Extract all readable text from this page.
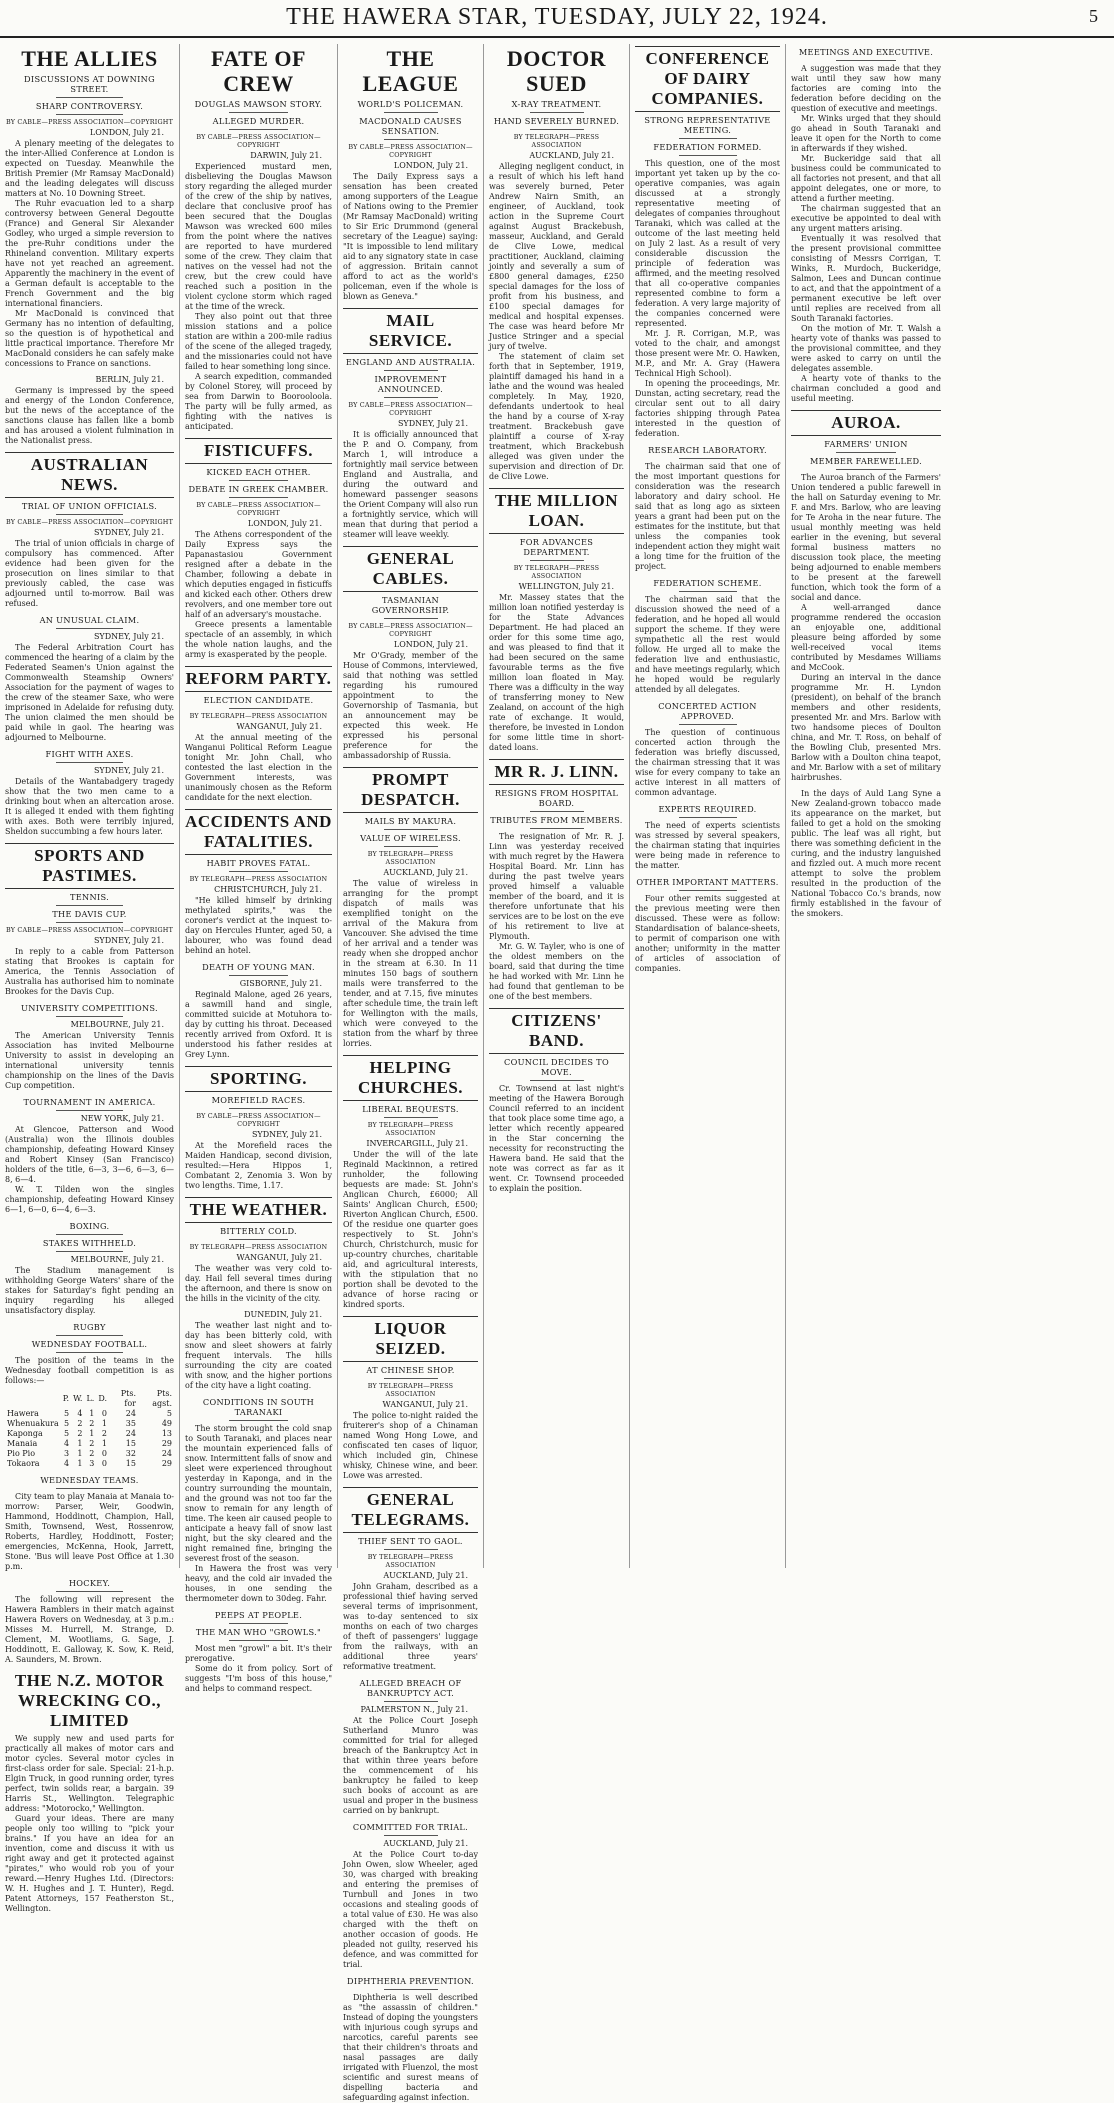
THE HAWERA STAR, TUESDAY, JULY 22, 1924.	5
THE ALLIES
DISCUSSIONS AT DOWNING STREET.
SHARP CONTROVERSY.
BY CABLE—PRESS ASSOCIATION—COPYRIGHT
LONDON, July 21.

A plenary meeting of the delegates to the inter-Allied Conference at London is expected on Tuesday. Meanwhile the British Premier (Mr Ramsay MacDonald) and the leading delegates will discuss matters at No. 10 Downing Street.

The Ruhr evacuation led to a sharp controversy between General Degoutte (France) and General Sir Alexander Godley, who urged a simple reversion to the pre-Ruhr conditions under the Rhineland convention. Military experts have not yet reached an agreement. Apparently the machinery in the event of a German default is acceptable to the French Government and the big international financiers.

Mr MacDonald is convinced that Germany has no intention of defaulting, so the question is of hypothetical and little practical importance. Therefore Mr MacDonald considers he can safely make concessions to France on sanctions.

BERLIN, July 21.

Germany is impressed by the speed and energy of the London Conference, but the news of the acceptance of the sanctions clause has fallen like a bomb and has aroused a violent fulmination in the Nationalist press.

AUSTRALIAN NEWS.
TRIAL OF UNION OFFICIALS.
BY CABLE—PRESS ASSOCIATION—COPYRIGHT
SYDNEY, July 21.

The trial of union officials in charge of compulsory has commenced. After evidence had been given for the prosecution on lines similar to that previously cabled, the case was adjourned until to-morrow. Bail was refused.

AN UNUSUAL CLAIM.
SYDNEY, July 21.

The Federal Arbitration Court has commenced the hearing of a claim by the Federated Seamen's Union against the Commonwealth Steamship Owners' Association for the payment of wages to the crew of the steamer Saxe, who were imprisoned in Adelaide for refusing duty. The union claimed the men should be paid while in gaol. The hearing was adjourned to Melbourne.

FIGHT WITH AXES.
SYDNEY, July 21.

Details of the Wantabadgery tragedy show that the two men came to a drinking bout when an altercation arose. It is alleged it ended with them fighting with axes. Both were terribly injured, Sheldon succumbing a few hours later.

SPORTS AND PASTIMES.
TENNIS.
THE DAVIS CUP.
BY CABLE—PRESS ASSOCIATION—COPYRIGHT
SYDNEY, July 21.

In reply to a cable from Patterson stating that Brookes is captain for America, the Tennis Association of Australia has authorised him to nominate Brookes for the Davis Cup.

UNIVERSITY COMPETITIONS.
MELBOURNE, July 21.

The American University Tennis Association has invited Melbourne University to assist in developing an international university tennis championship on the lines of the Davis Cup competition.

TOURNAMENT IN AMERICA.
NEW YORK, July 21.

At Glencoe, Patterson and Wood (Australia) won the Illinois doubles championship, defeating Howard Kinsey and Robert Kinsey (San Francisco) holders of the title, 6—3, 3—6, 6—3, 6—8, 6—4.

W. T. Tilden won the singles championship, defeating Howard Kinsey 6—1, 6—0, 6—4, 6—3.

BOXING.
STAKES WITHHELD.
MELBOURNE, July 21.

The Stadium management is withholding George Waters' share of the stakes for Saturday's fight pending an inquiry regarding his alleged unsatisfactory display.

RUGBY
WEDNESDAY FOOTBALL.

The position of the teams in the Wednesday football competition is as follows:—

	P.	W.	L.	D.	Pts. for	Pts. agst.
Hawera	5	4	1	0	24	5
Whenuakura	5	2	2	1	35	49
Kaponga	5	2	1	2	24	13
Manaia	4	1	2	1	15	29
Pio Pio	3	1	2	0	32	24
Tokaora	4	1	3	0	15	29
WEDNESDAY TEAMS.

City team to play Manaia at Manaia to-morrow: Parser, Weir, Goodwin, Hammond, Hoddinott, Champion, Hall, Smith, Townsend, West, Rossenrow, Roberts, Hardley, Hoddinott, Foster; emergencies, McKenna, Hook, Jarrett, Stone. 'Bus will leave Post Office at 1.30 p.m.

HOCKEY.

The following will represent the Hawera Ramblers in their match against Hawera Rovers on Wednesday, at 3 p.m.: Misses M. Hurrell, M. Strange, D. Clement, M. Wootliams, G. Sage, J. Hoddinott, E. Galloway, K. Sow, K. Reid, A. Saunders, M. Brown.

THE N.Z. MOTOR WRECKING CO., LIMITED

We supply new and used parts for practically all makes of motor cars and motor cycles. Several motor cycles in first-class order for sale. Special: 21-h.p. Elgin Truck, in good running order, tyres perfect, twin solids rear, a bargain. 39 Harris St., Wellington. Telegraphic address: "Motorocko," Wellington.

Guard your ideas. There are many people only too willing to "pick your brains." If you have an idea for an invention, come and discuss it with us right away and get it protected against "pirates," who would rob you of your reward.—Henry Hughes Ltd. (Directors: W. H. Hughes and J. T. Hunter), Regd. Patent Attorneys, 157 Featherston St., Wellington.

FATE OF CREW
DOUGLAS MAWSON STORY.
ALLEGED MURDER.
BY CABLE—PRESS ASSOCIATION—COPYRIGHT
DARWIN, July 21.

Experienced mustard men, disbelieving the Douglas Mawson story regarding the alleged murder of the crew of the ship by natives, declare that conclusive proof has been secured that the Douglas Mawson was wrecked 600 miles from the point where the natives are reported to have murdered some of the crew. They claim that natives on the vessel had not the crew, but the crew could have reached such a position in the violent cyclone storm which raged at the time of the wreck.

They also point out that three mission stations and a police station are within a 200-mile radius of the scene of the alleged tragedy, and the missionaries could not have failed to hear something long since.

A search expedition, commanded by Colonel Storey, will proceed by sea from Darwin to Boorooloola. The party will be fully armed, as fighting with the natives is anticipated.

FISTICUFFS.
KICKED EACH OTHER.
DEBATE IN GREEK CHAMBER.
BY CABLE—PRESS ASSOCIATION—COPYRIGHT
LONDON, July 21.

The Athens correspondent of the Daily Express says the Papanastasiou Government resigned after a debate in the Chamber, following a debate in which deputies engaged in fisticuffs and kicked each other. Others drew revolvers, and one member tore out half of an adversary's moustache.

Greece presents a lamentable spectacle of an assembly, in which the whole nation laughs, and the army is exasperated by the people.

REFORM PARTY.
ELECTION CANDIDATE.
BY TELEGRAPH—PRESS ASSOCIATION
WANGANUI, July 21.

At the annual meeting of the Wanganui Political Reform League tonight Mr. John Chall, who contested the last election in the Government interests, was unanimously chosen as the Reform candidate for the next election.

ACCIDENTS AND FATALITIES.
HABIT PROVES FATAL.
BY TELEGRAPH—PRESS ASSOCIATION
CHRISTCHURCH, July 21.

"He killed himself by drinking methylated spirits," was the coroner's verdict at the inquest to-day on Hercules Hunter, aged 50, a labourer, who was found dead behind an hotel.

DEATH OF YOUNG MAN.
GISBORNE, July 21.

Reginald Malone, aged 26 years, a sawmill hand and single, committed suicide at Motuhora to-day by cutting his throat. Deceased recently arrived from Oxford. It is understood his father resides at Grey Lynn.

SPORTING.
MOREFIELD RACES.
BY CABLE—PRESS ASSOCIATION—COPYRIGHT
SYDNEY, July 21.

At the Morefield races the Maiden Handicap, second division, resulted:—Hera Hippos 1, Combatant 2, Zenomia 3. Won by two lengths. Time, 1.17.

THE WEATHER.
BITTERLY COLD.
BY TELEGRAPH—PRESS ASSOCIATION
WANGANUI, July 21.

The weather was very cold to-day. Hail fell several times during the afternoon, and there is snow on the hills in the vicinity of the city.

DUNEDIN, July 21.

The weather last night and to-day has been bitterly cold, with snow and sleet showers at fairly frequent intervals. The hills surrounding the city are coated with snow, and the higher portions of the city have a light coating.

CONDITIONS IN SOUTH TARANAKI

The storm brought the cold snap to South Taranaki, and places near the mountain experienced falls of snow. Intermittent falls of snow and sleet were experienced throughout yesterday in Kaponga, and in the country surrounding the mountain, and the ground was not too far the snow to remain for any length of time. The keen air caused people to anticipate a heavy fall of snow last night, but the sky cleared and the night remained fine, bringing the severest frost of the season.

In Hawera the frost was very heavy, and the cold air invaded the houses, in one sending the thermometer down to 30deg. Fahr.

PEEPS AT PEOPLE.
THE MAN WHO "GROWLS."

Most men "growl" a bit. It's their prerogative.

Some do it from policy. Sort of suggests "I'm boss of this house," and helps to command respect.

THE LEAGUE
WORLD'S POLICEMAN.
MACDONALD CAUSES SENSATION.
BY CABLE—PRESS ASSOCIATION—COPYRIGHT
LONDON, July 21.

The Daily Express says a sensation has been created among supporters of the League of Nations owing to the Premier (Mr Ramsay MacDonald) writing to Sir Eric Drummond (general secretary of the League) saying: "It is impossible to lend military aid to any signatory state in case of aggression. Britain cannot afford to act as the world's policeman, even if the whole is blown as Geneva."

MAIL SERVICE.
ENGLAND AND AUSTRALIA.
IMPROVEMENT ANNOUNCED.
BY CABLE—PRESS ASSOCIATION—COPYRIGHT
SYDNEY, July 21.

It is officially announced that the P. and O. Company, from March 1, will introduce a fortnightly mail service between England and Australia, and during the outward and homeward passenger seasons the Orient Company will also run a fortnightly service, which will mean that during that period a steamer will leave weekly.

GENERAL CABLES.
TASMANIAN GOVERNORSHIP.
BY CABLE—PRESS ASSOCIATION—COPYRIGHT
LONDON, July 21.

Mr O'Grady, member of the House of Commons, interviewed, said that nothing was settled regarding his rumoured appointment to the Governorship of Tasmania, but an announcement may be expected this week. He expressed his personal preference for the ambassadorship of Russia.

PROMPT DESPATCH.
MAILS BY MAKURA.
VALUE OF WIRELESS.
BY TELEGRAPH—PRESS ASSOCIATION
AUCKLAND, July 21.

The value of wireless in arranging for the prompt dispatch of mails was exemplified tonight on the arrival of the Makura from Vancouver. She advised the time of her arrival and a tender was ready when she dropped anchor in the stream at 6.30. In 11 minutes 150 bags of southern mails were transferred to the tender, and at 7.15, five minutes after schedule time, the train left for Wellington with the mails, which were conveyed to the station from the wharf by three lorries.

HELPING CHURCHES.
LIBERAL BEQUESTS.
BY TELEGRAPH—PRESS ASSOCIATION
INVERCARGILL, July 21.

Under the will of the late Reginald Mackinnon, a retired runholder, the following bequests are made: St. John's Anglican Church, £6000; All Saints' Anglican Church, £500; Riverton Anglican Church, £500. Of the residue one quarter goes respectively to St. John's Church, Christchurch, music for up-country churches, charitable aid, and agricultural interests, with the stipulation that no portion shall be devoted to the advance of horse racing or kindred sports.

LIQUOR SEIZED.
AT CHINESE SHOP.
BY TELEGRAPH—PRESS ASSOCIATION
WANGANUI, July 21.

The police to-night raided the fruiterer's shop of a Chinaman named Wong Hong Lowe, and confiscated ten cases of liquor, which included gin, Chinese whisky, Chinese wine, and beer. Lowe was arrested.

GENERAL TELEGRAMS.
THIEF SENT TO GAOL.
BY TELEGRAPH—PRESS ASSOCIATION
AUCKLAND, July 21.

John Graham, described as a professional thief having served several terms of imprisonment, was to-day sentenced to six months on each of two charges of theft of passengers' luggage from the railways, with an additional three years' reformative treatment.

ALLEGED BREACH OF BANKRUPTCY ACT.
PALMERSTON N., July 21.

At the Police Court Joseph Sutherland Munro was committed for trial for alleged breach of the Bankruptcy Act in that within three years before the commencement of his bankruptcy he failed to keep such books of account as are usual and proper in the business carried on by bankrupt.

COMMITTED FOR TRIAL.
AUCKLAND, July 21.

At the Police Court to-day John Owen, slow Wheeler, aged 30, was charged with breaking and entering the premises of Turnbull and Jones in two occasions and stealing goods of a total value of £30. He was also charged with the theft on another occasion of goods. He pleaded not guilty, reserved his defence, and was committed for trial.

DIPHTHERIA PREVENTION.

Diphtheria is well described as "the assassin of children." Instead of doping the youngsters with injurious cough syrups and narcotics, careful parents see that their children's throats and nasal passages are daily irrigated with Fluenzol, the most scientific and surest means of dispelling bacteria and safeguarding against infection.

DOCTOR SUED
X-RAY TREATMENT.
HAND SEVERELY BURNED.
BY TELEGRAPH—PRESS ASSOCIATION
AUCKLAND, July 21.

Alleging negligent conduct, in a result of which his left hand was severely burned, Peter Andrew Nairn Smith, an engineer, of Auckland, took action in the Supreme Court against August Brackebush, masseur, Auckland, and Gerald de Clive Lowe, medical practitioner, Auckland, claiming jointly and severally a sum of £800 general damages, £250 special damages for the loss of profit from his business, and £100 special damages for medical and hospital expenses. The case was heard before Mr Justice Stringer and a special jury of twelve.

The statement of claim set forth that in September, 1919, plaintiff damaged his hand in a lathe and the wound was healed completely. In May, 1920, defendants undertook to heal the hand by a course of X-ray treatment. Brackebush gave plaintiff a course of X-ray treatment, which Brackebush alleged was given under the supervision and direction of Dr. de Clive Lowe.

THE MILLION LOAN.
FOR ADVANCES DEPARTMENT.
BY TELEGRAPH—PRESS ASSOCIATION
WELLINGTON, July 21.

Mr. Massey states that the million loan notified yesterday is for the State Advances Department. He had placed an order for this some time ago, and was pleased to find that it had been secured on the same favourable terms as the five million loan floated in May. There was a difficulty in the way of transferring money to New Zealand, on account of the high rate of exchange. It would, therefore, be invested in London for some little time in short-dated loans.

MR R. J. LINN.
RESIGNS FROM HOSPITAL BOARD.
TRIBUTES FROM MEMBERS.

The resignation of Mr. R. J. Linn was yesterday received with much regret by the Hawera Hospital Board. Mr. Linn has during the past twelve years proved himself a valuable member of the board, and it is therefore unfortunate that his services are to be lost on the eve of his retirement to live at Plymouth.

Mr. G. W. Tayler, who is one of the oldest members on the board, said that during the time he had worked with Mr. Linn he had found that gentleman to be one of the best members.

CITIZENS' BAND.
COUNCIL DECIDES TO MOVE.

Cr. Townsend at last night's meeting of the Hawera Borough Council referred to an incident that took place some time ago, a letter which recently appeared in the Star concerning the necessity for reconstructing the Hawera band. He said that the note was correct as far as it went. Cr. Townsend proceeded to explain the position.

CONFERENCE OF DAIRY COMPANIES.
STRONG REPRESENTATIVE MEETING.
FEDERATION FORMED.

This question, one of the most important yet taken up by the co-operative companies, was again discussed at a strongly representative meeting of delegates of companies throughout Taranaki, which was called at the outcome of the last meeting held on July 2 last. As a result of very considerable discussion the principle of federation was affirmed, and the meeting resolved that all co-operative companies represented combine to form a federation. A very large majority of the companies concerned were represented.

Mr. J. R. Corrigan, M.P., was voted to the chair, and amongst those present were Mr. O. Hawken, M.P., and Mr. A. Gray (Hawera Technical High School).

In opening the proceedings, Mr. Dunstan, acting secretary, read the circular sent out to all dairy factories shipping through Patea interested in the question of federation.

RESEARCH LABORATORY.

The chairman said that one of the most important questions for consideration was the research laboratory and dairy school. He said that as long ago as sixteen years a grant had been put on the estimates for the institute, but that unless the companies took independent action they might wait a long time for the fruition of the project.

FEDERATION SCHEME.

The chairman said that the discussion showed the need of a federation, and he hoped all would support the scheme. If they were sympathetic all the rest would follow. He urged all to make the federation live and enthusiastic, and have meetings regularly, which he hoped would be regularly attended by all delegates.

CONCERTED ACTION APPROVED.

The question of continuous concerted action through the federation was briefly discussed, the chairman stressing that it was wise for every company to take an active interest in all matters of common advantage.

EXPERTS REQUIRED.

The need of experts scientists was stressed by several speakers, the chairman stating that inquiries were being made in reference to the matter.

OTHER IMPORTANT MATTERS.

Four other remits suggested at the previous meeting were then discussed. These were as follow: Standardisation of balance-sheets, to permit of comparison one with another; uniformity in the matter of articles of association of companies.

MEETINGS AND EXECUTIVE.

A suggestion was made that they wait until they saw how many factories are coming into the federation before deciding on the question of executive and meetings.

Mr. Winks urged that they should go ahead in South Taranaki and leave it open for the North to come in afterwards if they wished.

Mr. Buckeridge said that all business could be communicated to all factories not present, and that all appoint delegates, one or more, to attend a further meeting.

The chairman suggested that an executive be appointed to deal with any urgent matters arising.

Eventually it was resolved that the present provisional committee consisting of Messrs Corrigan, T. Winks, R. Murdoch, Buckeridge, Salmon, Lees and Duncan continue to act, and that the appointment of a permanent executive be left over until replies are received from all South Taranaki factories.

On the motion of Mr. T. Walsh a hearty vote of thanks was passed to the provisional committee, and they were asked to carry on until the delegates assemble.

A hearty vote of thanks to the chairman concluded a good and useful meeting.

AUROA.
FARMERS' UNION
MEMBER FAREWELLED.

The Auroa branch of the Farmers' Union tendered a public farewell in the hall on Saturday evening to Mr. F. and Mrs. Barlow, who are leaving for Te Aroha in the near future. The usual monthly meeting was held earlier in the evening, but several formal business matters no discussion took place, the meeting being adjourned to enable members to be present at the farewell function, which took the form of a social and dance.

A well-arranged dance programme rendered the occasion an enjoyable one, additional pleasure being afforded by some well-received vocal items contributed by Mesdames Williams and McCook.

During an interval in the dance programme Mr. H. Lyndon (president), on behalf of the branch members and other residents, presented Mr. and Mrs. Barlow with two handsome pieces of Doulton china, and Mr. T. Ross, on behalf of the Bowling Club, presented Mrs. Barlow with a Doulton china teapot, and Mr. Barlow with a set of military hairbrushes.

In the days of Auld Lang Syne a New Zealand-grown tobacco made its appearance on the market, but failed to get a hold on the smoking public. The leaf was all right, but there was something deficient in the curing, and the industry languished and fizzled out. A much more recent attempt to solve the problem resulted in the production of the National Tobacco Co.'s brands, now firmly established in the favour of the smokers.
